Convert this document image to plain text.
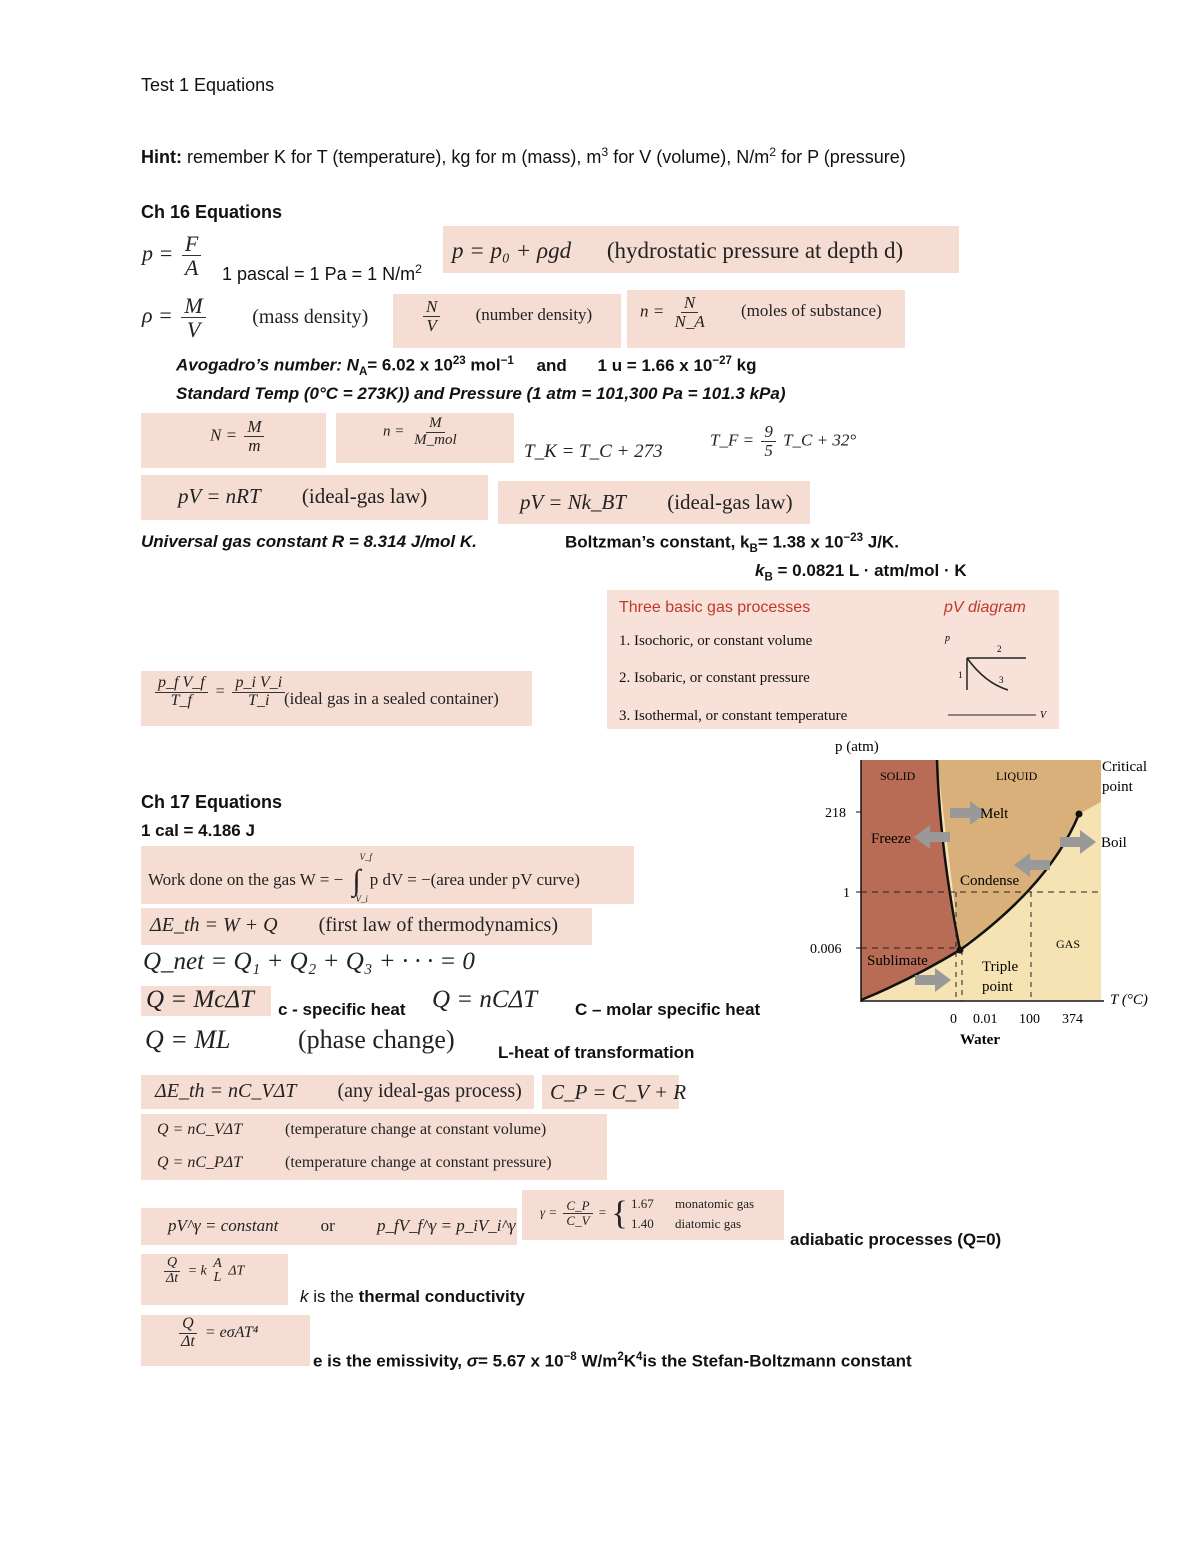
Test 1 Equations
Hint: remember K for T (temperature), kg for m (mass), $m^3$ for V (volume), $N/m^2$ for P (pressure)
Ch 16 Equations
$p = \frac{F}{A} 1$ pascal = 1 Pa = 1 $N/m^2$
p = p₀ + ρgd (hydrostatic pressure at depth d)
$\rho = \frac{M}{V}$ (mass density)	$\frac{N}{V}$ (number density)	$n = \frac{N}{N\_A}$ (moles of substance)
Avogadro’s number: $N_A= 6.02$ x $10^{23}$ mol$^{-1}$ and 1 u = 1.66 x $10^{-27}$ kg
Standard Temp (0°C = 273K)) and Pressure (1 atm = 101,300 Pa = 101.3 kPa)
$N = \frac{M}{m}$	$n = \frac{M}{\text{M\_mol}}$
T_K = T_C + 273
T_F = $\frac{9}{5}$ T_C + 32°
pV = nRT (ideal-gas law)	pV = Nk_BT (ideal-gas law)
Universal gas constant R = 8.314 J/mol K.	Boltzman’s constant, $k_B= 1.38$ x $10^{-23}$ J/K.
$k_B = 0.0821$ L · atm/mol · K
Three basic gas processes	pV diagram
1. Isochoric, or constant volume
2. Isobaric, or constant pressure
3. Isothermal, or constant temperature
p
V
1
2
3
$\frac{\text{p\_f V\_f}}{T\_f} = \frac{\text{p\_i V\_i}}{T\_i}$
(ideal gas in a sealed container)
p (atm)
T (°C)
SOLID	LIQUID
GAS
Melt
Freeze
Condense
Boil
Sublimate
Critical
point
Triple
point
218
1
0.006
0 0.01 100 374
Water
Ch 17 Equations
1 cal = 4.186 J
Work done on the gas W = − ∫
V_f
V_i
p dV = −(area under pV curve)
ΔE_th = W + Q (first law of thermodynamics)
Q_net = Q₁ + Q₂ + Q₃ + · · · = 0
Q = McΔT c - specific heat Q = nCΔT C – molar specific heat
Q = ML	(phase change)	L-heat of transformation
ΔE_th = nC_VΔT (any ideal-gas process) C_P = C_V + R
Q = nC_VΔT	(temperature change at constant volume)
Q = nC_PΔT	(temperature change at constant pressure)
pV^γ = constant or p_fV_f^γ = p_iV_i^γ
$\gamma = \frac{C\_P}{C\_V}$ = { 1.67 monatomic gas
1.40 diatomic gas
adiabatic processes (Q=0)
$\frac{Q}{\Delta t} = k$
A
L ΔT
k is the thermal conductivity
$\frac{Q}{\Delta t} = e\sigma AT^4$
e is the emissivity, σ= 5.67 x $10^{-8}$ $W/m^2K^4is$ the Stefan-Boltzmann constant
